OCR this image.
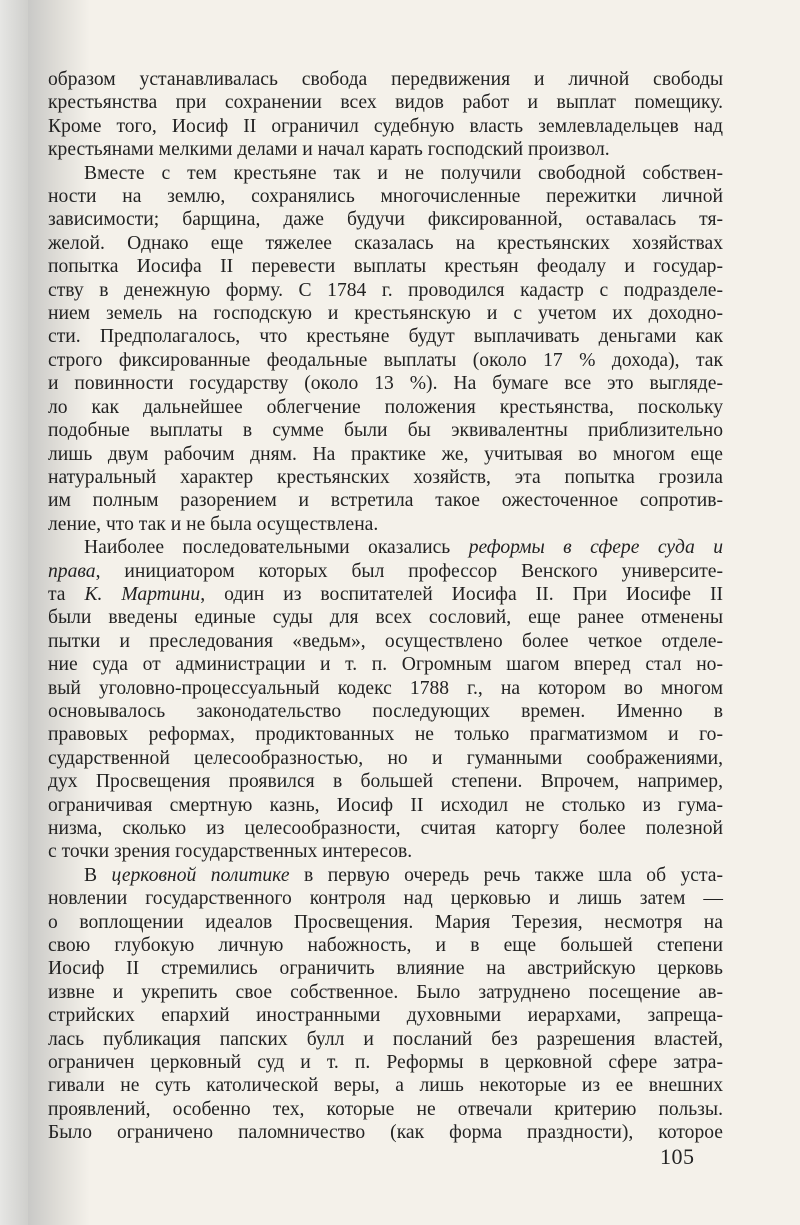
образом устанавливалась свобода передвижения и личной свободы
крестьянства при сохранении всех видов работ и выплат помещику.
Кроме того, Иосиф II ограничил судебную власть землевладельцев над
крестьянами мелкими делами и начал карать господский произвол.
Вместе с тем крестьяне так и не получили свободной собствен-
ности на землю, сохранялись многочисленные пережитки личной
зависимости; барщина, даже будучи фиксированной, оставалась тя-
желой. Однако еще тяжелее сказалась на крестьянских хозяйствах
попытка Иосифа II перевести выплаты крестьян феодалу и государ-
ству в денежную форму. С 1784 г. проводился кадастр с подразделе-
нием земель на господскую и крестьянскую и с учетом их доходно-
сти. Предполагалось, что крестьяне будут выплачивать деньгами как
строго фиксированные феодальные выплаты (около 17 % дохода), так
и повинности государству (около 13 %). На бумаге все это выгляде-
ло как дальнейшее облегчение положения крестьянства, поскольку
подобные выплаты в сумме были бы эквивалентны приблизительно
лишь двум рабочим дням. На практике же, учитывая во многом еще
натуральный характер крестьянских хозяйств, эта попытка грозила
им полным разорением и встретила такое ожесточенное сопротив-
ление, что так и не была осуществлена.
Наиболее последовательными оказались реформы в сфере суда и
права, инициатором которых был профессор Венского университе-
та К. Мартини, один из воспитателей Иосифа II. При Иосифе II
были введены единые суды для всех сословий, еще ранее отменены
пытки и преследования «ведьм», осуществлено более четкое отделе-
ние суда от администрации и т. п. Огромным шагом вперед стал но-
вый уголовно-процессуальный кодекс 1788 г., на котором во многом
основывалось законодательство последующих времен. Именно в
правовых реформах, продиктованных не только прагматизмом и го-
сударственной целесообразностью, но и гуманными соображениями,
дух Просвещения проявился в большей степени. Впрочем, например,
ограничивая смертную казнь, Иосиф II исходил не столько из гума-
низма, сколько из целесообразности, считая каторгу более полезной
с точки зрения государственных интересов.
В церковной политике в первую очередь речь также шла об уста-
новлении государственного контроля над церковью и лишь затем —
о воплощении идеалов Просвещения. Мария Терезия, несмотря на
свою глубокую личную набожность, и в еще большей степени
Иосиф II стремились ограничить влияние на австрийскую церковь
извне и укрепить свое собственное. Было затруднено посещение ав-
стрийских епархий иностранными духовными иерархами, запреща-
лась публикация папских булл и посланий без разрешения властей,
ограничен церковный суд и т. п. Реформы в церковной сфере затра-
гивали не суть католической веры, а лишь некоторые из ее внешних
проявлений, особенно тех, которые не отвечали критерию пользы.
Было ограничено паломничество (как форма праздности), которое
105
